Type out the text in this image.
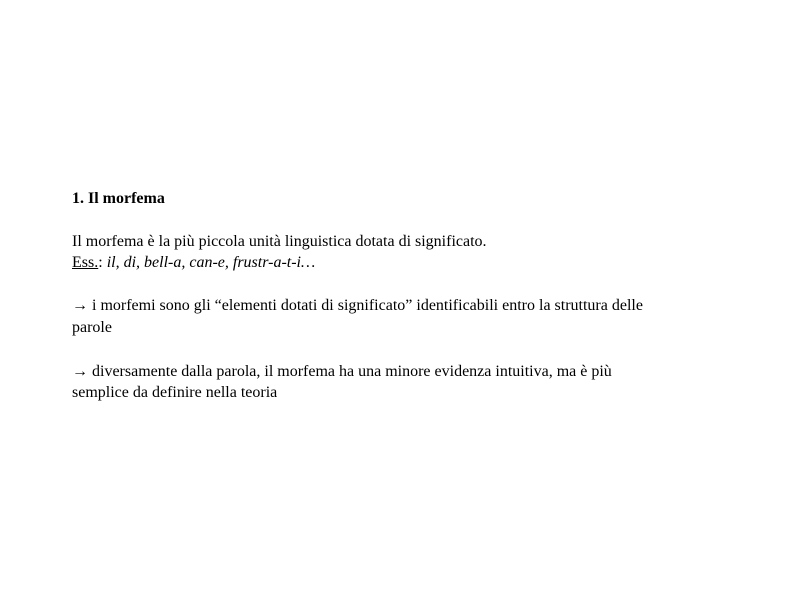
1. Il morfema
Il morfema è la più piccola unità linguistica dotata di significato.
Ess.: il, di, bell-a, can-e, frustr-a-t-i…
→ i morfemi sono gli “elementi dotati di significato” identificabili entro la struttura delle
parole
→ diversamente dalla parola, il morfema ha una minore evidenza intuitiva, ma è più
semplice da definire nella teoria
